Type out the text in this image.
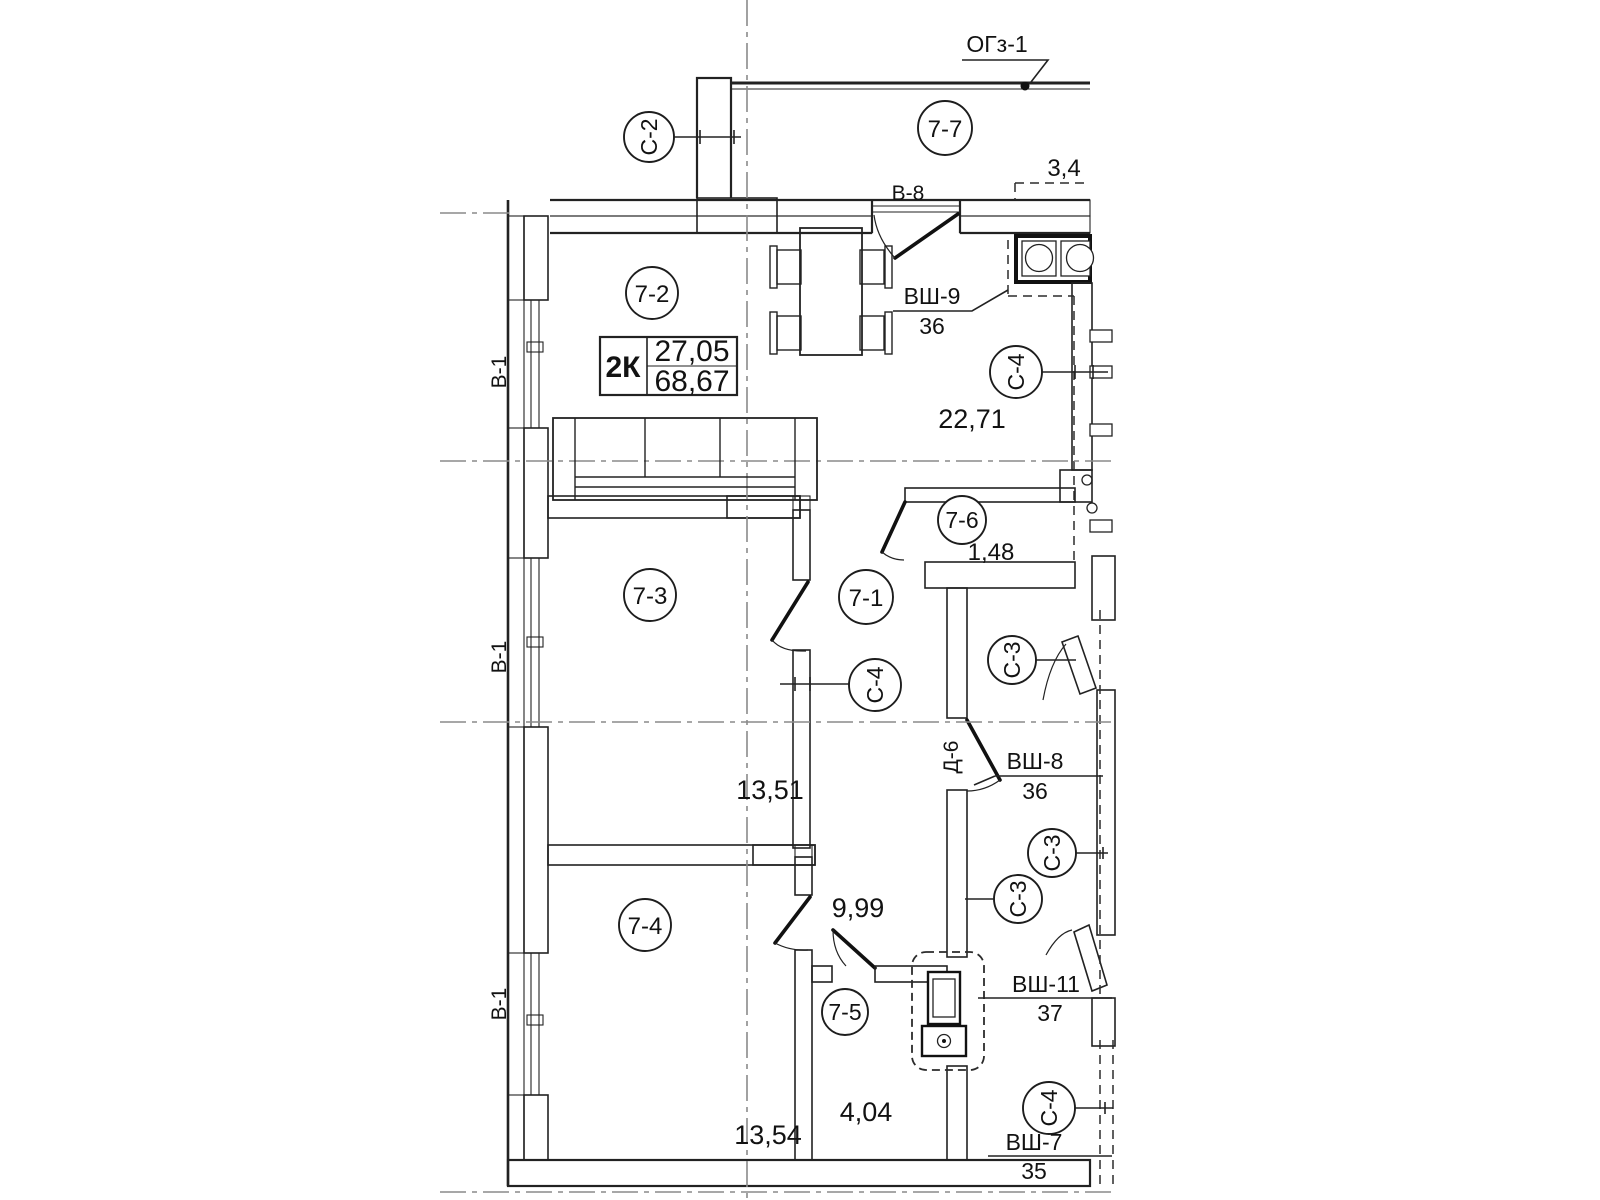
7-7
7-2
7-3	7-1
7-6
7-4
7-5
С-2
С-4
С-4
С-4
С-3
С-3
С-3
2К 27,05
68,67
ОГз-1
3,4
В-8
ВШ-9
36
22,71
1,48
13,51
9,99
13,54
4,04
ВШ-8
36
ВШ-11
37
ВШ-7
35
Д-6
В-1
В-1
В-1
